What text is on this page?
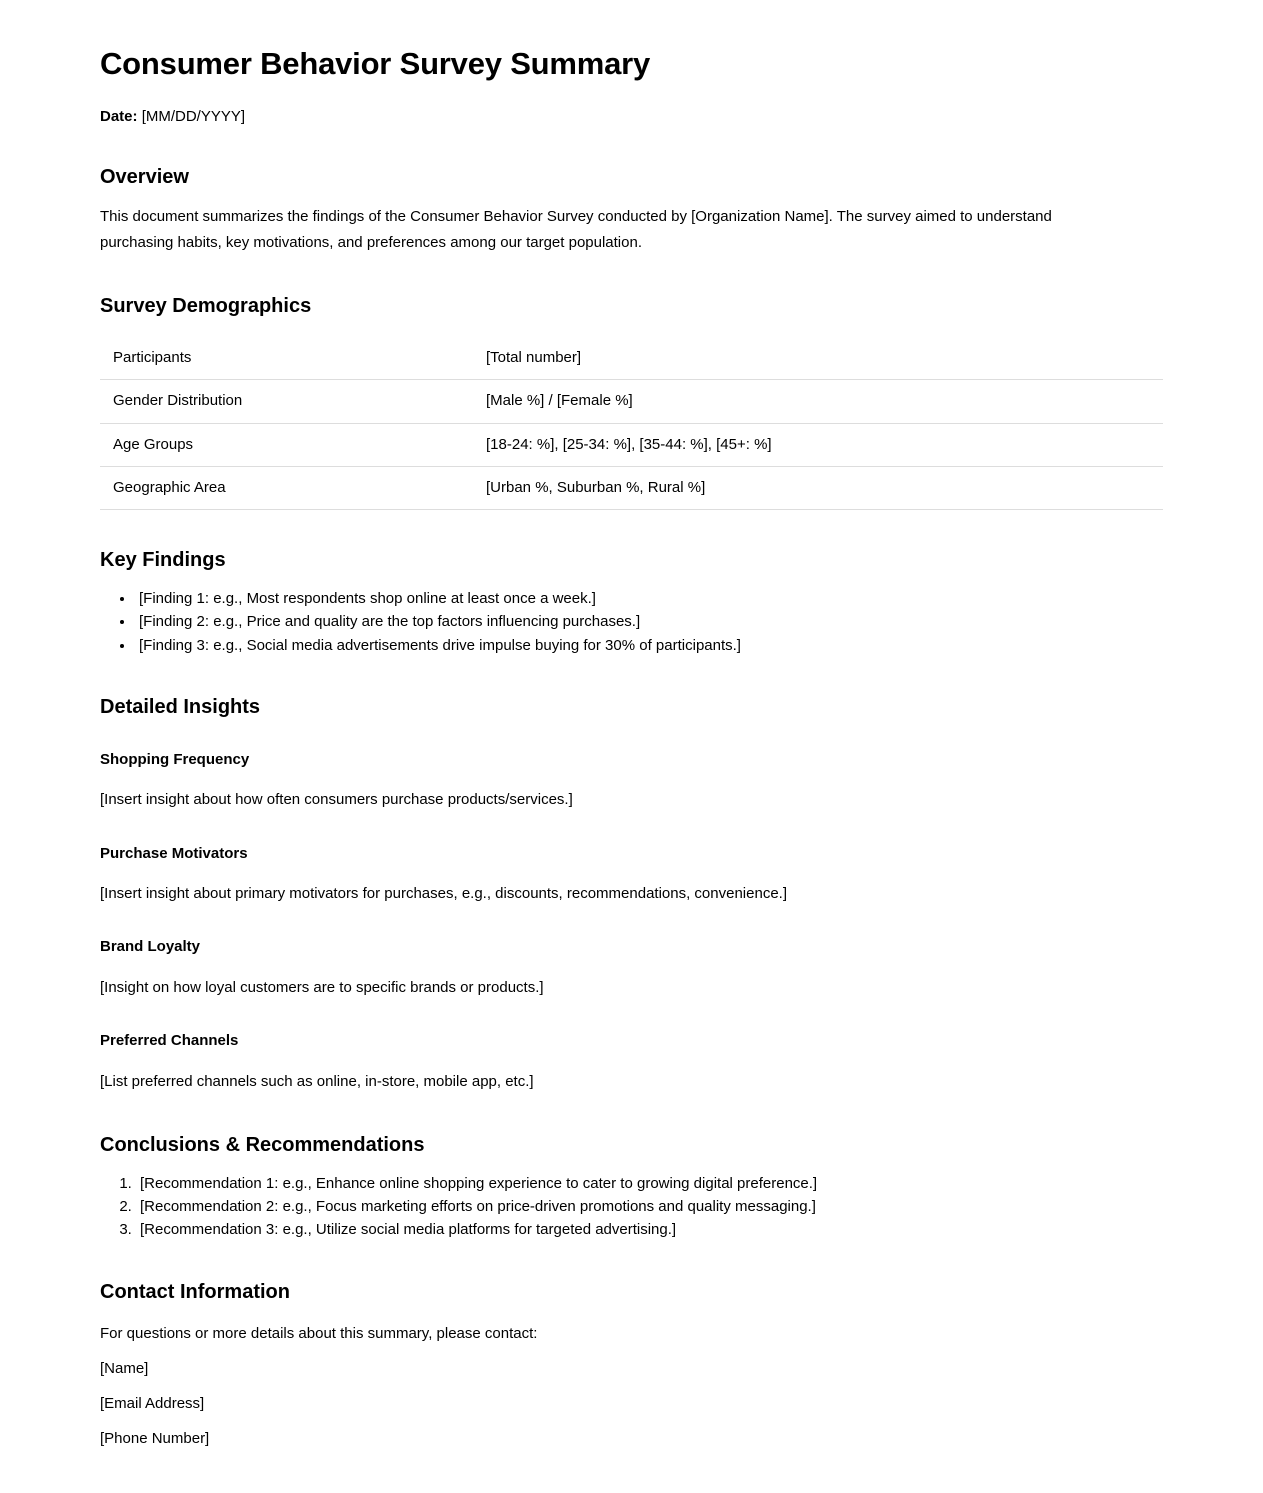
Consumer Behavior Survey Summary

Date: [MM/DD/YYYY]

Overview

This document summarizes the findings of the Consumer Behavior Survey conducted by [Organization Name]. The survey aimed to understand purchasing habits, key motivations, and preferences among our target population.

Survey Demographics
Participants	[Total number]
Gender Distribution	[Male %] / [Female %]
Age Groups	[18-24: %], [25-34: %], [35-44: %], [45+: %]
Geographic Area	[Urban %, Suburban %, Rural %]
Key Findings
• [Finding 1: e.g., Most respondents shop online at least once a week.]
• [Finding 2: e.g., Price and quality are the top factors influencing purchases.]
• [Finding 3: e.g., Social media advertisements drive impulse buying for 30% of participants.]
Detailed Insights
Shopping Frequency

[Insert insight about how often consumers purchase products/services.]

Purchase Motivators

[Insert insight about primary motivators for purchases, e.g., discounts, recommendations, convenience.]

Brand Loyalty

[Insight on how loyal customers are to specific brands or products.]

Preferred Channels

[List preferred channels such as online, in-store, mobile app, etc.]

Conclusions & Recommendations
1. [Recommendation 1: e.g., Enhance online shopping experience to cater to growing digital preference.]
2. [Recommendation 2: e.g., Focus marketing efforts on price-driven promotions and quality messaging.]
3. [Recommendation 3: e.g., Utilize social media platforms for targeted advertising.]
Contact Information

For questions or more details about this summary, please contact:

[Name]

[Email Address]

[Phone Number]
